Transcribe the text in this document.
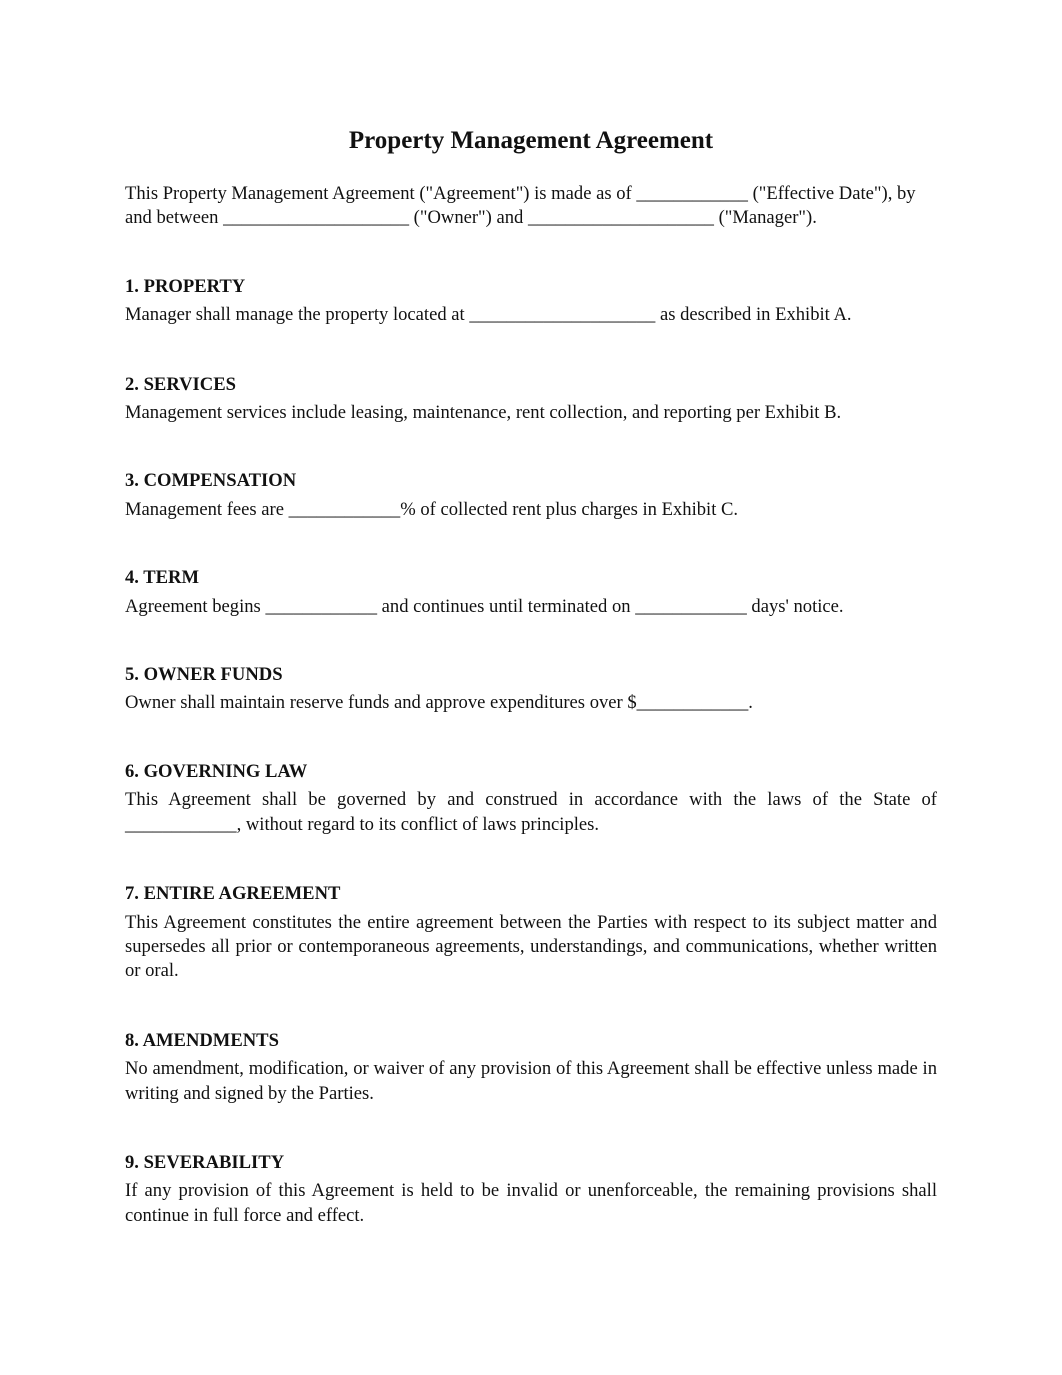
Property Management Agreement

This Property Management Agreement ("Agreement") is made as of ____________ ("Effective Date"), by and between ____________________ ("Owner") and ____________________ ("Manager").

1. PROPERTY

Manager shall manage the property located at ____________________ as described in Exhibit A.

2. SERVICES

Management services include leasing, maintenance, rent collection, and reporting per Exhibit B.

3. COMPENSATION

Management fees are ____________% of collected rent plus charges in Exhibit C.

4. TERM

Agreement begins ____________ and continues until terminated on ____________ days' notice.

5. OWNER FUNDS

Owner shall maintain reserve funds and approve expenditures over $____________.

6. GOVERNING LAW

This Agreement shall be governed by and construed in accordance with the laws of the State of ____________, without regard to its conflict of laws principles.

7. ENTIRE AGREEMENT

This Agreement constitutes the entire agreement between the Parties with respect to its subject matter and supersedes all prior or contemporaneous agreements, understandings, and communications, whether written or oral.

8. AMENDMENTS

No amendment, modification, or waiver of any provision of this Agreement shall be effective unless made in writing and signed by the Parties.

9. SEVERABILITY

If any provision of this Agreement is held to be invalid or unenforceable, the remaining provisions shall continue in full force and effect.
